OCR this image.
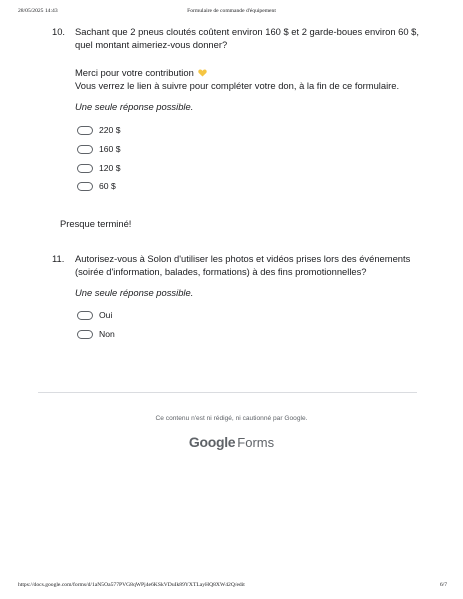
28/05/2025 14:43	Formulaire de commande d'équipement
10. Sachant que 2 pneus cloutés coûtent environ 160 $ et 2 garde-boues environ 60 $, quel montant aimeriez-vous donner?
Merci pour votre contribution
Vous verrez le lien à suivre pour compléter votre don, à la fin de ce formulaire.
Une seule réponse possible.
220 $
160 $
120 $
60 $
Presque terminé!
11. Autorisez-vous à Solon d'utiliser les photos et vidéos prises lors des événements (soirée d'information, balades, formations) à des fins promotionnelles?
Une seule réponse possible.
Oui
Non
Ce contenu n'est ni rédigé, ni cautionné par Google.
Google Forms
https://docs.google.com/forms/d/1aN5Oa577PVG8qWPj4e6KSkVDuIk89YXTLayHQ8XW42Q/edit	6/7
